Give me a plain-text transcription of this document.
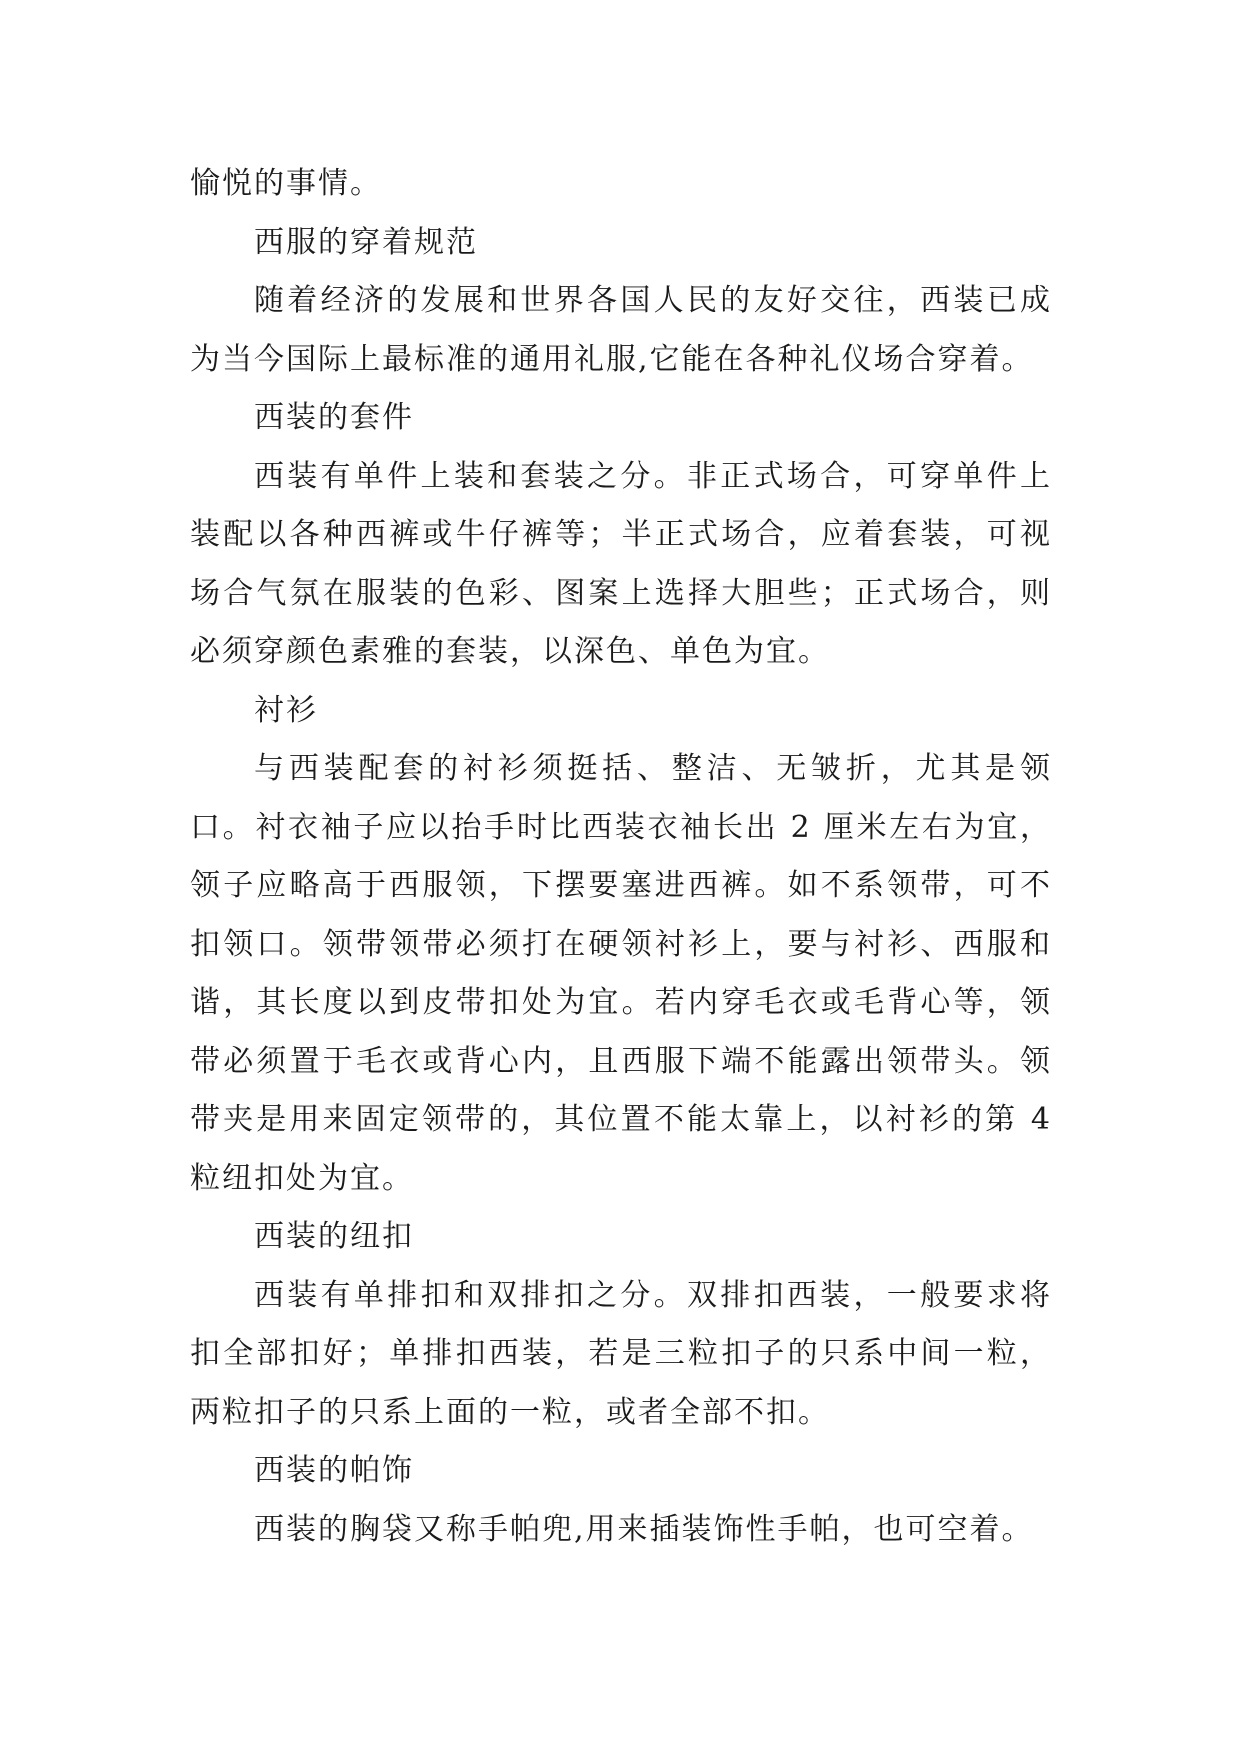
愉悦的事情。

西服的穿着规范

随着经济的发展和世界各国人民的友好交往，西装已成为当今国际上最标准的通用礼服,它能在各种礼仪场合穿着。

西装的套件

西装有单件上装和套装之分。非正式场合，可穿单件上装配以各种西裤或牛仔裤等；半正式场合，应着套装，可视场合气氛在服装的色彩、图案上选择大胆些；正式场合，则必须穿颜色素雅的套装，以深色、单色为宜。

衬衫

与西装配套的衬衫须挺括、整洁、无皱折，尤其是领口。衬衣袖子应以抬手时比西装衣袖长出 2 厘米左右为宜，领子应略高于西服领，下摆要塞进西裤。如不系领带，可不扣领口。领带领带必须打在硬领衬衫上，要与衬衫、西服和谐，其长度以到皮带扣处为宜。若内穿毛衣或毛背心等，领带必须置于毛衣或背心内，且西服下端不能露出领带头。领带夹是用来固定领带的，其位置不能太靠上，以衬衫的第 4 粒纽扣处为宜。

西装的纽扣

西装有单排扣和双排扣之分。双排扣西装，一般要求将扣全部扣好；单排扣西装，若是三粒扣子的只系中间一粒，两粒扣子的只系上面的一粒，或者全部不扣。

西装的帕饰

西装的胸袋又称手帕兜,用来插装饰性手帕，也可空着。
